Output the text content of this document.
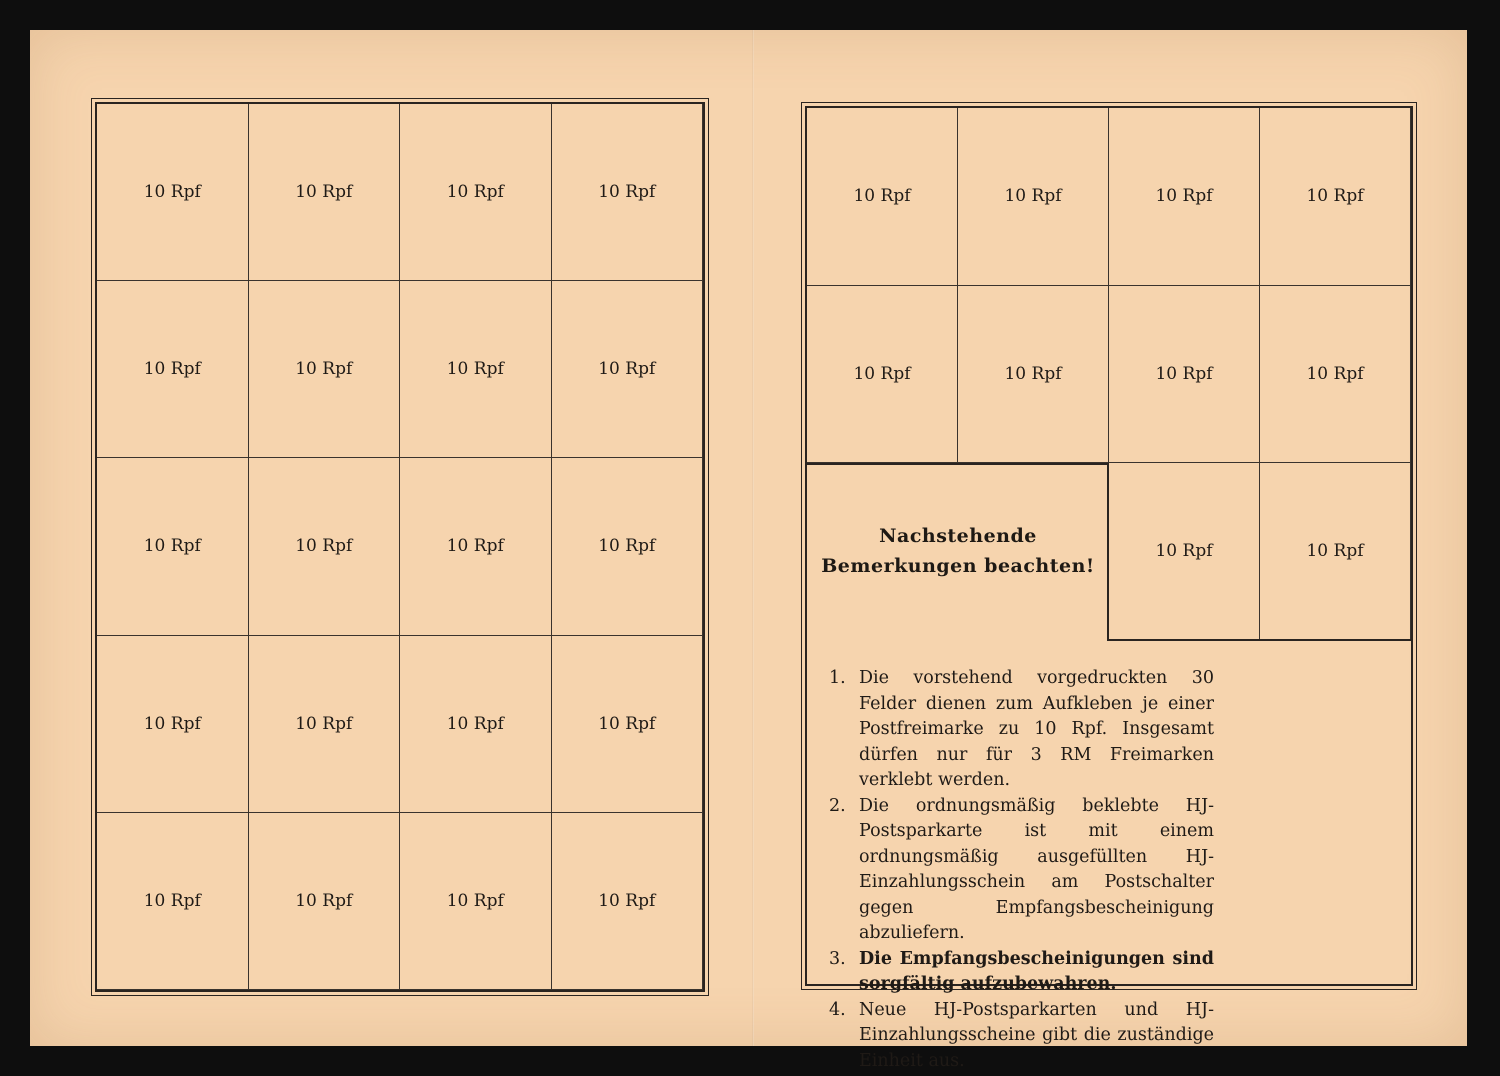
10 Rpf	10 Rpf	10 Rpf	10 Rpf
10 Rpf	10 Rpf	10 Rpf	10 Rpf
10 Rpf	10 Rpf	10 Rpf	10 Rpf
10 Rpf	10 Rpf	10 Rpf	10 Rpf
10 Rpf	10 Rpf	10 Rpf	10 Rpf
Nachstehende
Bemerkungen beachten!
1. Die vorstehend vorgedruckten 30 Felder dienen zum Aufkleben je einer Postfreimarke zu 10 Rpf. Insgesamt dürfen nur für 3 RM Freimarken verklebt werden.
2. Die ordnungsmäßig beklebte HJ-Postsparkarte ist mit einem ordnungsmäßig ausgefüllten HJ-Einzahlungsschein am Postschalter gegen Empfangsbescheinigung abzuliefern.
3. Die Empfangsbescheinigungen sind sorgfältig aufzubewahren.
4. Neue HJ-Postsparkarten und HJ-Einzahlungsscheine gibt die zuständige Einheit aus.
10 Rpf	10 Rpf	10 Rpf	10 Rpf
10 Rpf	10 Rpf	10 Rpf	10 Rpf
10 Rpf	10 Rpf
